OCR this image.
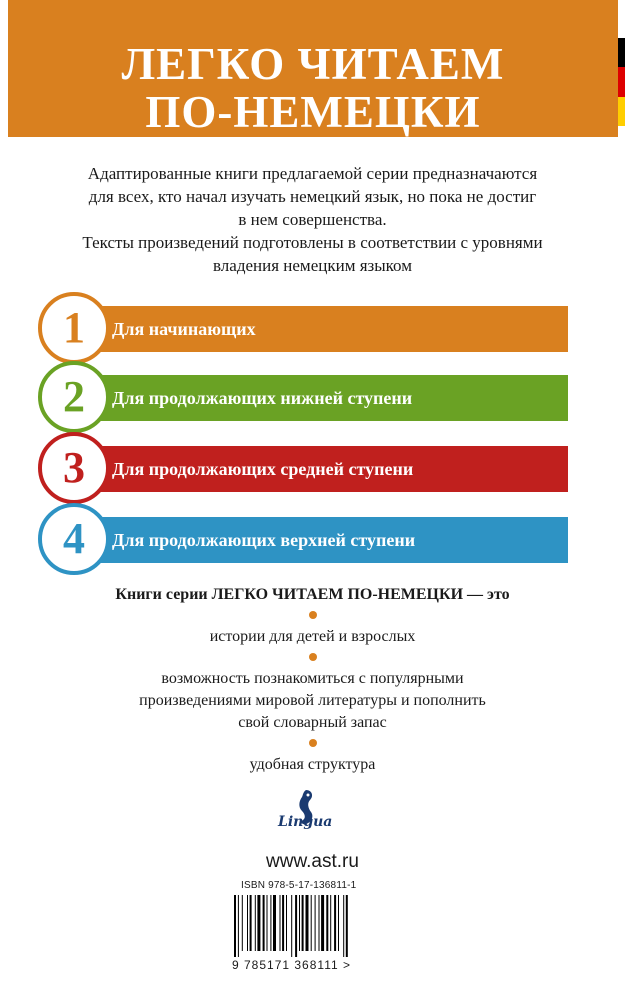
ЛЕГКО ЧИТАЕМ
ПО-НЕМЕЦКИ

Адаптированные книги предлагаемой серии предназначаются

для всех, кто начал изучать немецкий язык, но пока не достиг

в нем совершенства.

Тексты произведений подготовлены в соответствии с уровнями

владения немецким языком

1	Для начинающих
2	Для продолжающих нижней ступени
3	Для продолжающих средней ступени
4	Для продолжающих верхней ступени
Книги серии ЛЕГКО ЧИТАЕМ ПО-НЕМЕЦКИ — это
истории для детей и взрослых
возможность познакомиться с популярными
произведениями мировой литературы и пополнить
свой словарный запас
удобная структура
Lingua
www.ast.ru
ISBN 978-5-17-136811-1
9 785171 368111 >
